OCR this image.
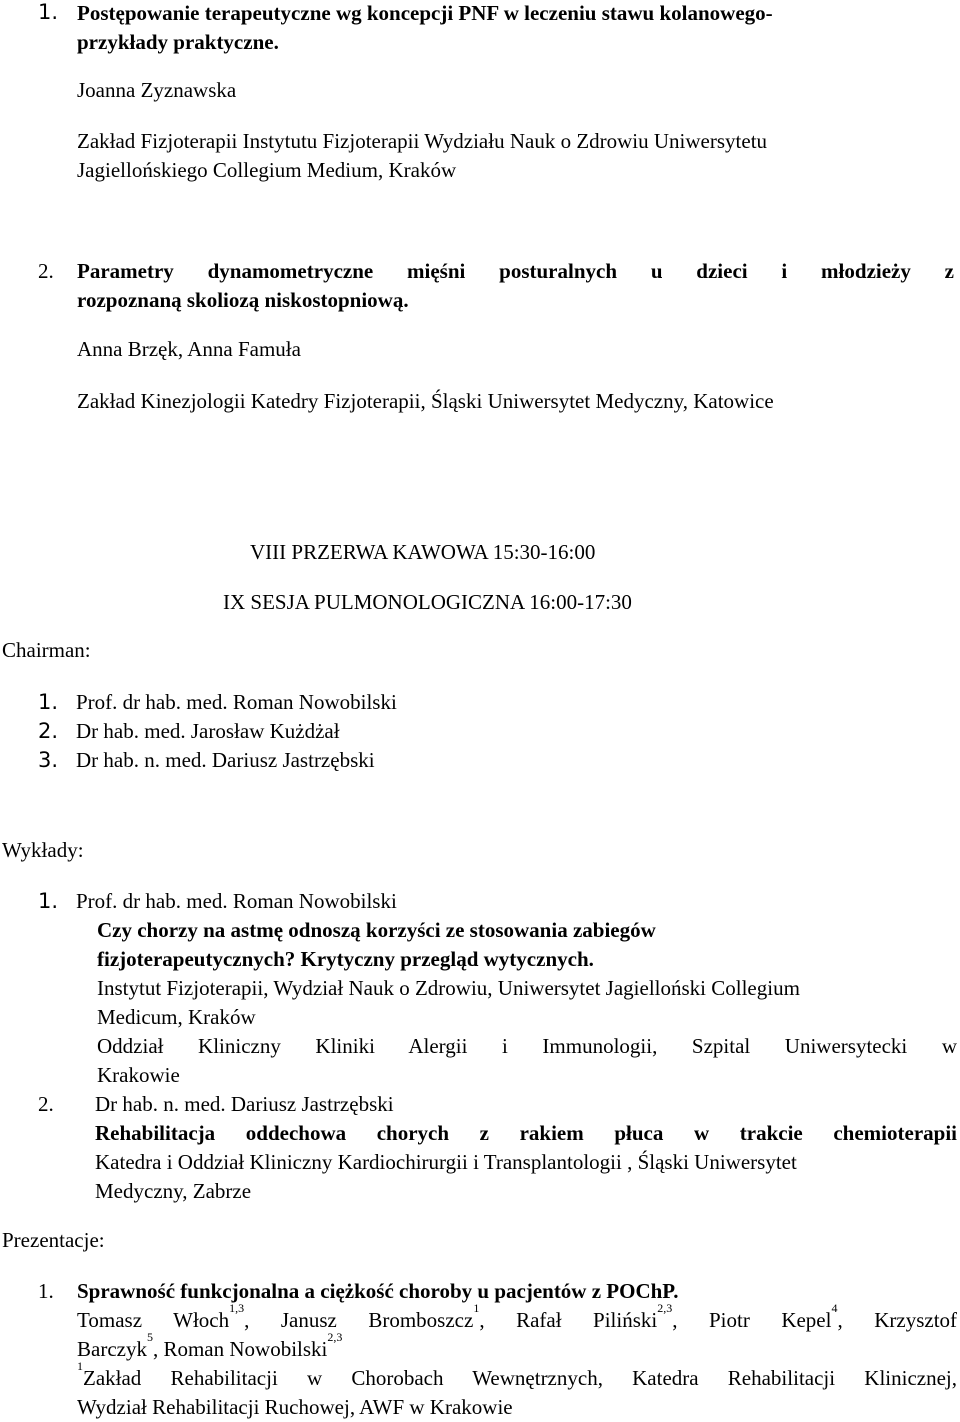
1. Postępowanie terapeutyczne wg koncepcji PNF w leczeniu stawu kolanowego-
przykłady praktyczne.
Joanna Zyznawska
Zakład Fizjoterapii Instytutu Fizjoterapii Wydziału Nauk o Zdrowiu Uniwersytetu
Jagiellońskiego Collegium Medium, Kraków
2. Parametry dynamometryczne mięśni posturalnych u dzieci i młodzieży z
rozpoznaną skoliozą niskostopniową.
Anna Brzęk, Anna Famuła
Zakład Kinezjologii Katedry Fizjoterapii, Śląski Uniwersytet Medyczny, Katowice
VIII PRZERWA KAWOWA 15:30-16:00
IX SESJA PULMONOLOGICZNA 16:00-17:30
Chairman:
1. Prof. dr hab. med. Roman Nowobilski
2. Dr hab. med. Jarosław Kużdżał
3. Dr hab. n. med. Dariusz Jastrzębski
Wykłady:
1. Prof. dr hab. med. Roman Nowobilski
Czy chorzy na astmę odnoszą korzyści ze stosowania zabiegów
fizjoterapeutycznych? Krytyczny przegląd wytycznych.
Instytut Fizjoterapii, Wydział Nauk o Zdrowiu, Uniwersytet Jagielloński Collegium
Medicum, Kraków
Oddział Kliniczny Kliniki Alergii i Immunologii, Szpital Uniwersytecki w
Krakowie
2. Dr hab. n. med. Dariusz Jastrzębski
Rehabilitacja oddechowa chorych z rakiem płuca w trakcie chemioterapii
Katedra i Oddział Kliniczny Kardiochirurgii i Transplantologii , Śląski Uniwersytet
Medyczny, Zabrze
Prezentacje:
1. Sprawność funkcjonalna a ciężkość choroby u pacjentów z POChP.
Tomasz Włoch$^{1,3}$, Janusz Bromboszcz$^1$, Rafał Piliński$^{2,3}$, Piotr Kepel$^4$, Krzysztof
Barczyk$^5$, Roman Nowobilski$^{2,3}$
$^1$Zakład Rehabilitacji w Chorobach Wewnętrznych, Katedra Rehabilitacji Klinicznej,
Wydział Rehabilitacji Ruchowej, AWF w Krakowie
